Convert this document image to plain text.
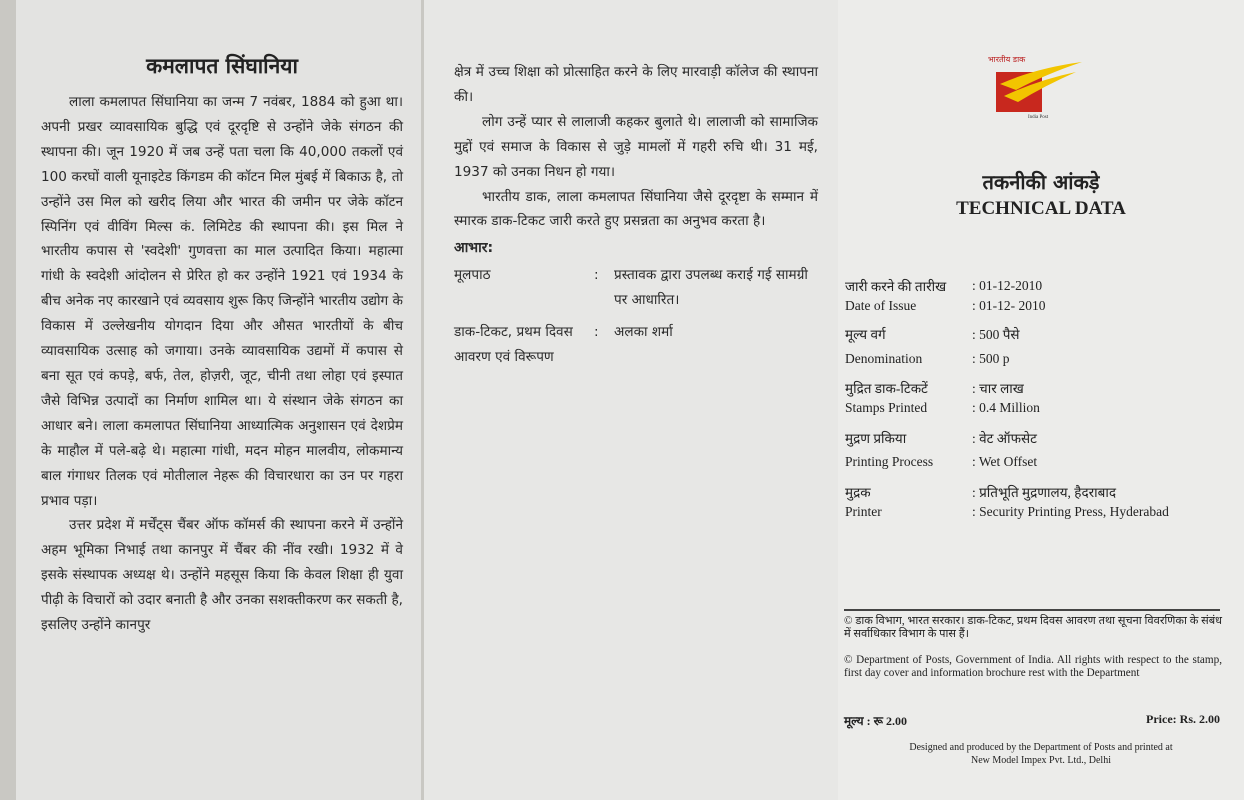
कमलापत सिंघानिया

लाला कमलापत सिंघानिया का जन्म 7 नवंबर, 1884 को हुआ था। अपनी प्रखर व्यावसायिक बुद्धि एवं दूरदृष्टि से उन्होंने जेके संगठन की स्थापना की। जून 1920 में जब उन्हें पता चला कि 40,000 तकलों एवं 100 करघों वाली यूनाइटेड किंगडम की कॉटन मिल मुंबई में बिकाऊ है, तो उन्होंने उस मिल को खरीद लिया और भारत की जमीन पर जेके कॉटन स्पिनिंग एवं वीविंग मिल्स कं. लिमिटेड की स्थापना की। इस मिल ने भारतीय कपास से 'स्वदेशी' गुणवत्ता का माल उत्पादित किया। महात्मा गांधी के स्वदेशी आंदोलन से प्रेरित हो कर उन्होंने 1921 एवं 1934 के बीच अनेक नए कारखाने एवं व्यवसाय शुरू किए जिन्होंने भारतीय उद्योग के विकास में उल्लेखनीय योगदान दिया और औसत भारतीयों के बीच व्यावसायिक उत्साह को जगाया। उनके व्यावसायिक उद्यमों में कपास से बना सूत एवं कपड़े, बर्फ, तेल, होज़री, जूट, चीनी तथा लोहा एवं इस्पात जैसे विभिन्न उत्पादों का निर्माण शामिल था। ये संस्थान जेके संगठन का आधार बने। लाला कमलापत सिंघानिया आध्यात्मिक अनुशासन एवं देशप्रेम के माहौल में पले-बढ़े थे। महात्मा गांधी, मदन मोहन मालवीय, लोकमान्य बाल गंगाधर तिलक एवं मोतीलाल नेहरू की विचारधारा का उन पर गहरा प्रभाव पड़ा।

उत्तर प्रदेश में मर्चेंट्स चैंबर ऑफ कॉमर्स की स्थापना करने में उन्होंने अहम भूमिका निभाई तथा कानपुर में चैंबर की नींव रखी। 1932 में वे इसके संस्थापक अध्यक्ष थे। उन्होंने महसूस किया कि केवल शिक्षा ही युवा पीढ़ी के विचारों को उदार बनाती है और उनका सशक्तीकरण कर सकती है, इसलिए उन्होंने कानपुर

क्षेत्र में उच्च शिक्षा को प्रोत्साहित करने के लिए मारवाड़ी कॉलेज की स्थापना की।

लोग उन्हें प्यार से लालाजी कहकर बुलाते थे। लालाजी को सामाजिक मुद्दों एवं समाज के विकास से जुड़े मामलों में गहरी रुचि थी। 31 मई, 1937 को उनका निधन हो गया।

भारतीय डाक, लाला कमलापत सिंघानिया जैसे दूरदृष्टा के सम्मान में स्मारक डाक-टिकट जारी करते हुए प्रसन्नता का अनुभव करता है।

आभार:
मूलपाठ	:	प्रस्तावक द्वारा उपलब्ध कराई गई सामग्री पर आधारित।
डाक-टिकट, प्रथम दिवस आवरण एवं विरूपण
:	अलका शर्मा
India Post
भारतीय डाक
तकनीकी आंकड़े
TECHNICAL DATA
जारी करने की तारीख	: 01-12-2010
Date of Issue	: 01-12- 2010
मूल्य वर्ग	: 500 पैसे
Denomination	: 500 p
मुद्रित डाक-टिकटें	: चार लाख
Stamps Printed	: 0.4 Million
मुद्रण प्रकिया	: वेट ऑफसेट
Printing Process	: Wet Offset
मुद्रक	: प्रतिभूति मुद्रणालय, हैदराबाद
Printer	: Security Printing Press, Hyderabad
© डाक विभाग, भारत सरकार। डाक-टिकट, प्रथम दिवस आवरण तथा सूचना विवरणिका के संबंध में सर्वाधिकार विभाग के पास हैं।
© Department of Posts, Government of India. All rights with respect to the stamp, first day cover and information brochure rest with the Department
मूल्य : रू 2.00	Price: Rs. 2.00
Designed and produced by the Department of Posts and printed at
New Model Impex Pvt. Ltd., Delhi
